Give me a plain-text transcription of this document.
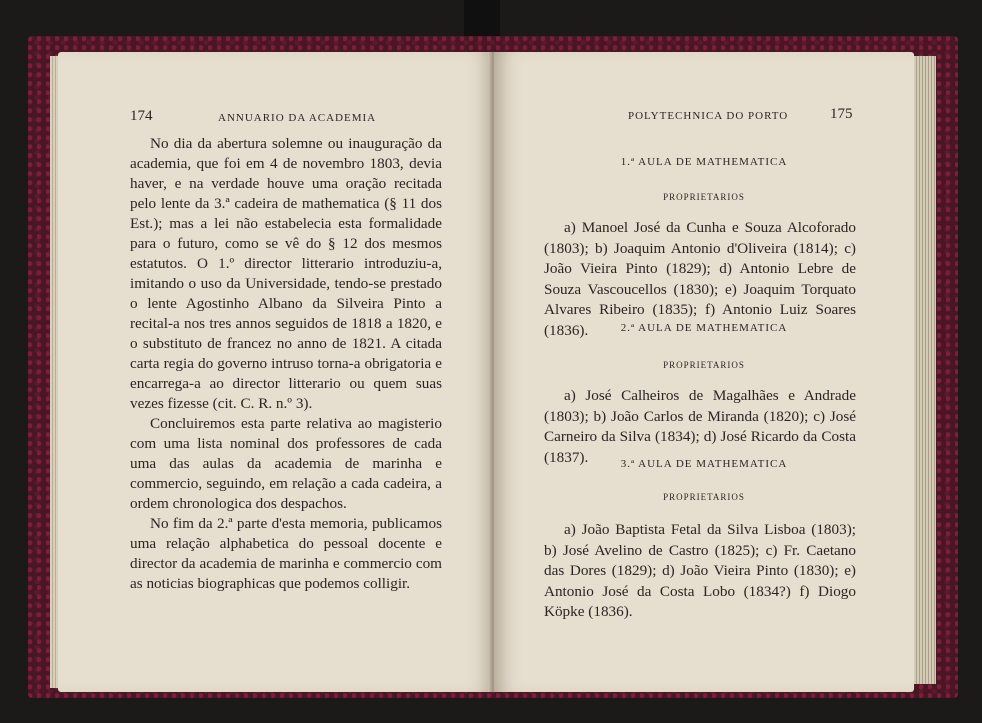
174	ANNUARIO DA ACADEMIA

No dia da abertura solemne ou inauguração da academia, que foi em 4 de novembro 1803, devia haver, e na verdade houve uma oração recitada pelo lente da 3.ª cadeira de mathematica (§ 11 dos Est.); mas a lei não estabelecia esta formalidade para o futuro, como se vê do § 12 dos mesmos estatutos. O 1.º director litterario introduziu-a, imitando o uso da Universidade, tendo-se prestado o lente Agostinho Albano da Silveira Pinto a recital-a nos tres annos seguidos de 1818 a 1820, e o substituto de francez no anno de 1821. A citada carta regia do governo intruso torna-a obrigatoria e encarrega-a ao director litterario ou quem suas vezes fizesse (cit. C. R. n.º 3).

Concluiremos esta parte relativa ao magisterio com uma lista nominal dos professores de cada uma das aulas da academia de marinha e commercio, seguindo, em relação a cada cadeira, a ordem chronologica dos despachos.

No fim da 2.ª parte d'esta memoria, publicamos uma relação alphabetica do pessoal docente e director da academia de marinha e commercio com as noticias biographicas que podemos colligir.

POLYTECHNICA DO PORTO	175
1.ª AULA DE MATHEMATICA
PROPRIETARIOS

a) Manoel José da Cunha e Souza Alcoforado (1803); b) Joaquim Antonio d'Oliveira (1814); c) João Vieira Pinto (1829); d) Antonio Lebre de Souza Vascoucellos (1830); e) Joaquim Torquato Alvares Ribeiro (1835); f) Antonio Luiz Soares (1836).	2.ª AULA DE MATHEMATICA
PROPRIETARIOS

a) José Calheiros de Magalhães e Andrade (1803); b) João Carlos de Miranda (1820); c) José Carneiro da Silva (1834); d) José Ricardo da Costa (1837).	3.ª AULA DE MATHEMATICA
PROPRIETARIOS

a) João Baptista Fetal da Silva Lisboa (1803); b) José Avelino de Castro (1825); c) Fr. Caetano das Dores (1829); d) João Vieira Pinto (1830); e) Antonio José da Costa Lobo (1834?) f) Diogo Köpke (1836).
